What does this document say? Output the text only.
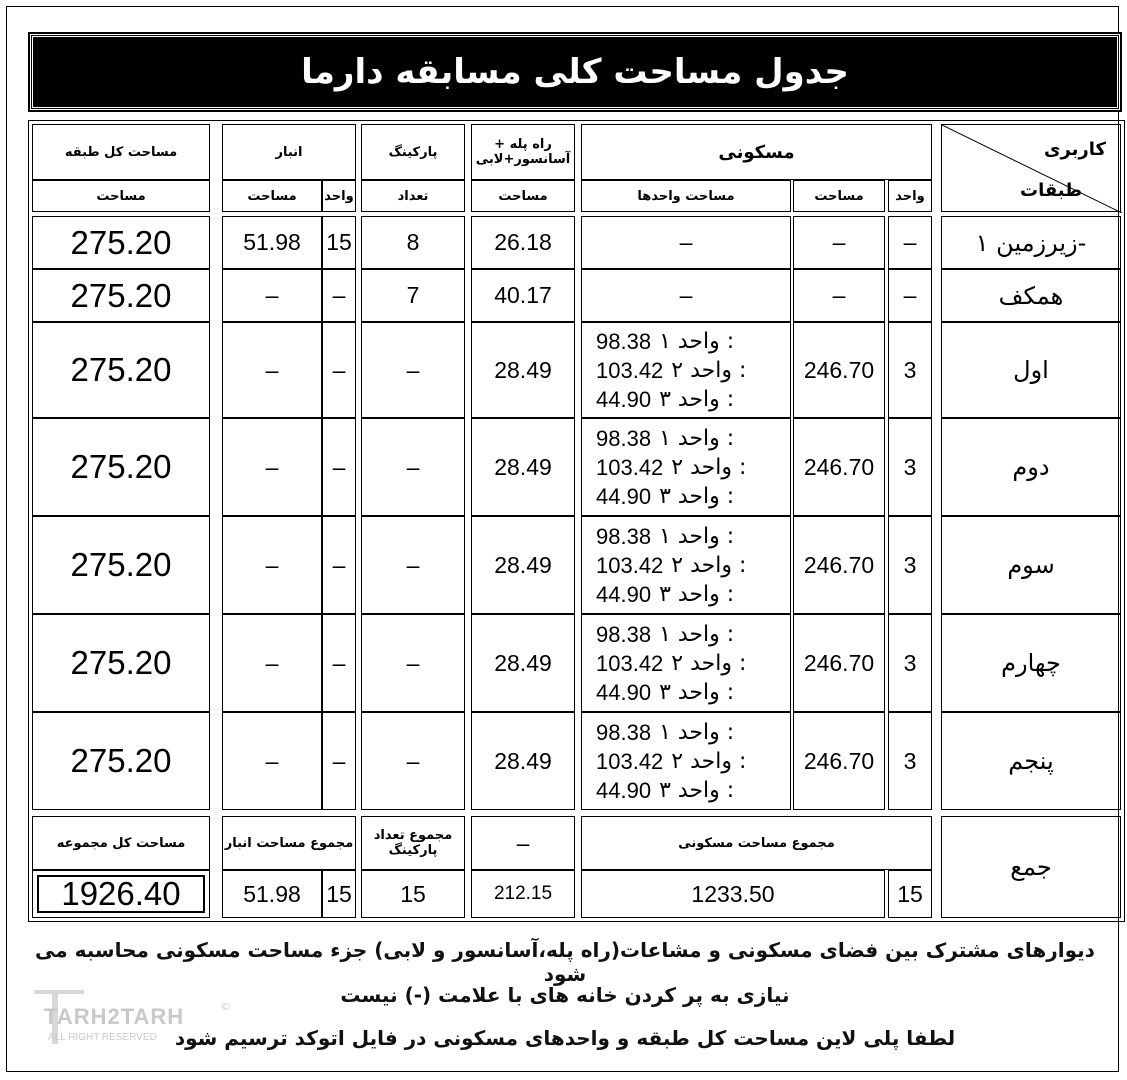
جدول مساحت کلی مسابقه دارما
کاربری
طبقات
مسکونی
راه پله + آسانسور+لابی
پارکینگ
انبار
مساحت کل طبقه
واحد
مساحت
مساحت واحدها
مساحت
تعداد
واحد
مساحت
مساحت
زیرزمین ۱-
–
–
–
26.18
8
15
51.98
275.20
همکف
–
–
–
40.17
7
–
–
275.20
اول
3
246.70
98.38 واحد ۱ :
103.42 واحد ۲ :
44.90 واحد ۳ :
28.49
–
–
–
275.20
دوم
3
246.70
98.38 واحد ۱ :
103.42 واحد ۲ :
44.90 واحد ۳ :
28.49
–
–
–
275.20
سوم
3
246.70
98.38 واحد ۱ :
103.42 واحد ۲ :
44.90 واحد ۳ :
28.49
–
–
–
275.20
چهارم
3
246.70
98.38 واحد ۱ :
103.42 واحد ۲ :
44.90 واحد ۳ :
28.49
–
–
–
275.20
پنجم
3
246.70
98.38 واحد ۱ :
103.42 واحد ۲ :
44.90 واحد ۳ :
28.49
–
–
–
275.20
جمع
مجموع مساحت مسکونی
–
مجموع تعداد پارکینگ
مجموع مساحت انبار
مساحت کل مجموعه
15
1233.50
212.15
15
15
51.98
1926.40
دیوارهای مشترک بین فضای مسکونی و مشاعات(راه پله،آسانسور و لابی) جزء مساحت مسکونی محاسبه می شود
نیازی به پر کردن خانه های با علامت (-) نیست
لطفا پلی لاین مساحت کل طبقه و واحدهای مسکونی در فایل اتوکد ترسیم شود
TARH2TARH
ALL RIGHT RESERVED
©
